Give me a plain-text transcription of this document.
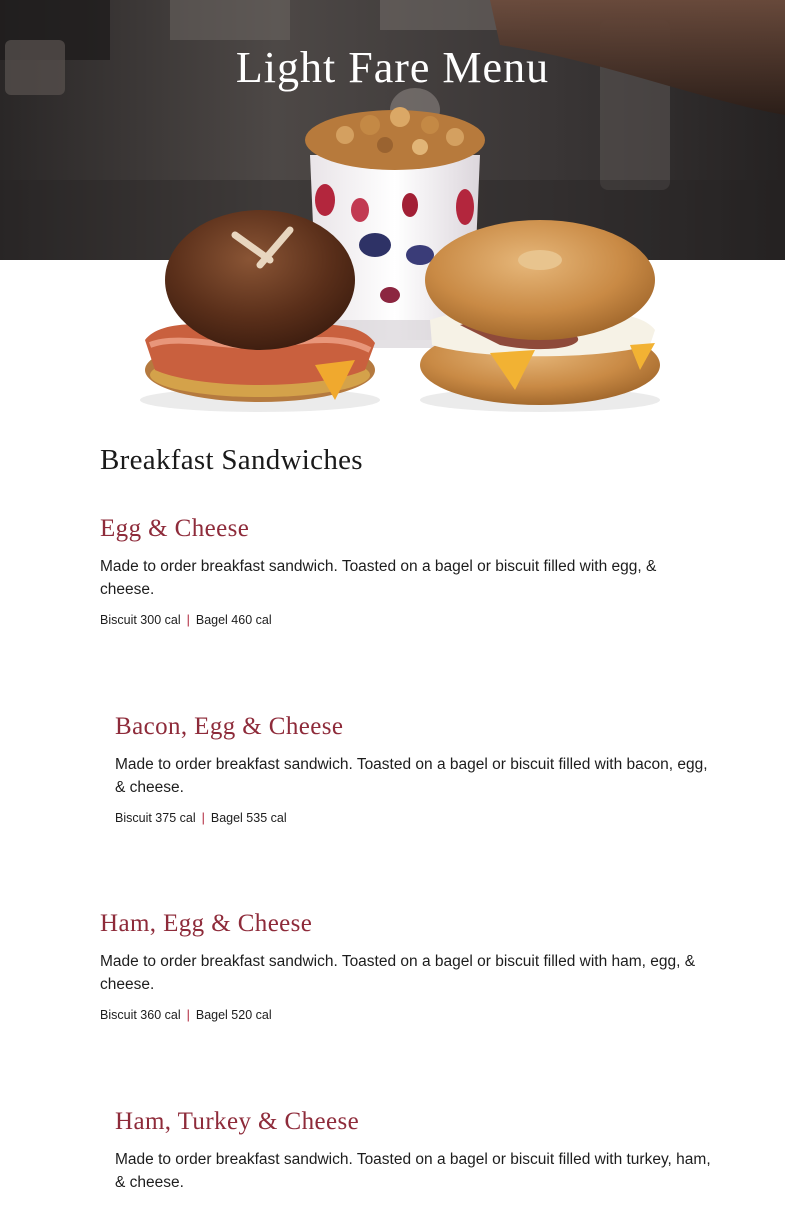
Light Fare Menu
Breakfast Sandwiches
Egg & Cheese

Made to order breakfast sandwich. Toasted on a bagel or biscuit filled with egg, & cheese.

Biscuit 300 cal | Bagel 460 cal

Bacon, Egg & Cheese

Made to order breakfast sandwich. Toasted on a bagel or biscuit filled with bacon, egg, & cheese.

Biscuit 375 cal | Bagel 535 cal

Ham, Egg & Cheese

Made to order breakfast sandwich. Toasted on a bagel or biscuit filled with ham, egg, & cheese.

Biscuit 360 cal | Bagel 520 cal

Ham, Turkey & Cheese

Made to order breakfast sandwich. Toasted on a bagel or biscuit filled with turkey, ham, & cheese.
